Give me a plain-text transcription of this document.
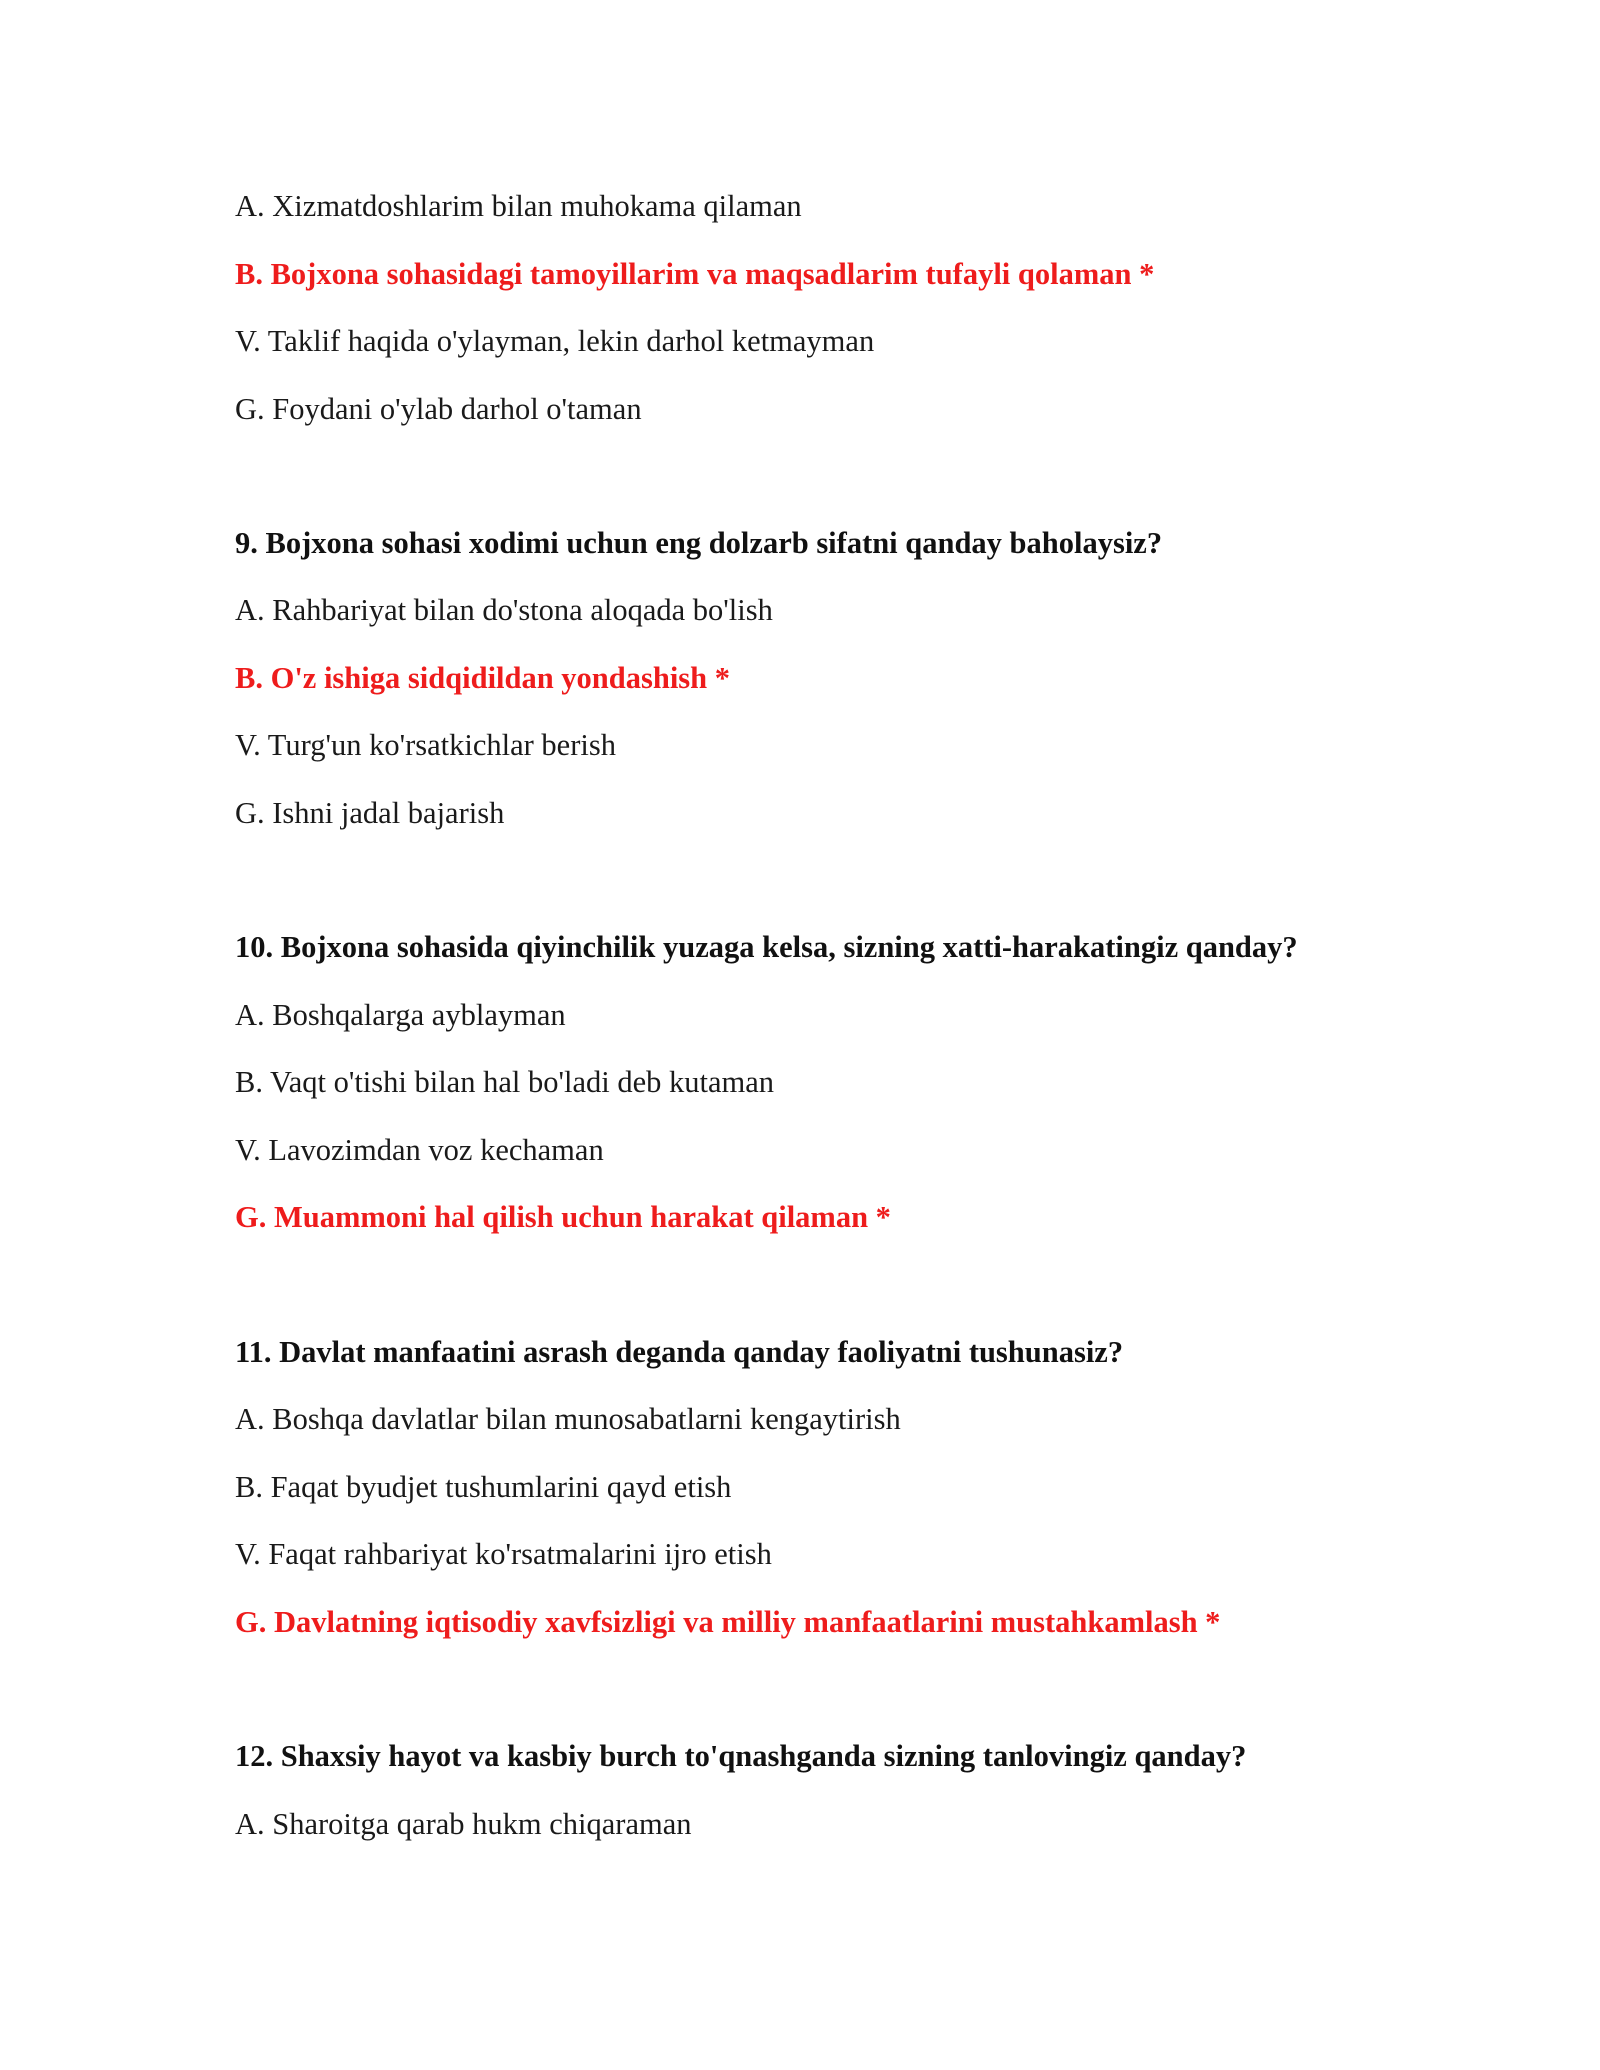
A. Xizmatdoshlarim bilan muhokama qilaman
B. Bojxona sohasidagi tamoyillarim va maqsadlarim tufayli qolaman *
V. Taklif haqida o'ylayman, lekin darhol ketmayman
G. Foydani o'ylab darhol o'taman
9. Bojxona sohasi xodimi uchun eng dolzarb sifatni qanday baholaysiz?
A. Rahbariyat bilan do'stona aloqada bo'lish
B. O'z ishiga sidqidildan yondashish *
V. Turg'un ko'rsatkichlar berish
G. Ishni jadal bajarish
10. Bojxona sohasida qiyinchilik yuzaga kelsa, sizning xatti-harakatingiz qanday?
A. Boshqalarga ayblayman
B. Vaqt o'tishi bilan hal bo'ladi deb kutaman
V. Lavozimdan voz kechaman
G. Muammoni hal qilish uchun harakat qilaman *
11. Davlat manfaatini asrash deganda qanday faoliyatni tushunasiz?
A. Boshqa davlatlar bilan munosabatlarni kengaytirish
B. Faqat byudjet tushumlarini qayd etish
V. Faqat rahbariyat ko'rsatmalarini ijro etish
G. Davlatning iqtisodiy xavfsizligi va milliy manfaatlarini mustahkamlash *
12. Shaxsiy hayot va kasbiy burch to'qnashganda sizning tanlovingiz qanday?
A. Sharoitga qarab hukm chiqaraman
